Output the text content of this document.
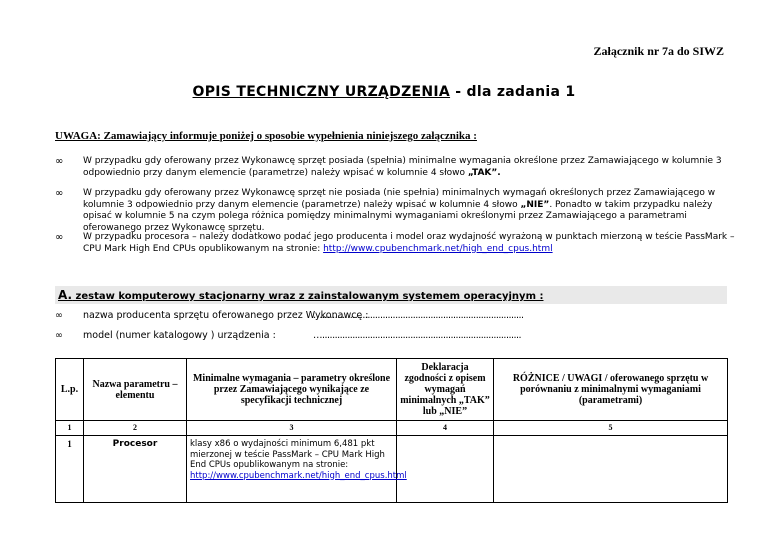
Załącznik nr 7a do SIWZ
OPIS TECHNICZNY URZĄDZENIA - dla zadania 1
UWAGA: Zamawiający informuje poniżej o sposobie wypełnienia niniejszego załącznika :
∞ W przypadku gdy oferowany przez Wykonawcę sprzęt posiada (spełnia) minimalne wymagania określone przez Zamawiającego w kolumnie 3 odpowiednio przy danym elemencie (parametrze) należy wpisać w kolumnie 4 słowo „TAK”.
∞ W przypadku gdy oferowany przez Wykonawcę sprzęt nie posiada (nie spełnia) minimalnych wymagań określonych przez Zamawiającego w kolumnie 3 odpowiednio przy danym elemencie (parametrze) należy wpisać w kolumnie 4 słowo „NIE”. Ponadto w takim przypadku należy opisać w kolumnie 5 na czym polega różnica pomiędzy minimalnymi wymaganiami określonymi przez Zamawiającego a parametrami oferowanego przez Wykonawcę sprzętu.
∞ W przypadku procesora – należy dodatkowo podać jego producenta i model oraz wydajność wyrażoną w punktach mierzoną w teście PassMark – CPU Mark High End CPUs opublikowanym na stronie: http://www.cpubenchmark.net/high_end_cpus.html
A. zestaw komputerowy stacjonarny wraz z zainstalowanym systemem operacyjnym :
∞ nazwa producenta sprzętu oferowanego przez Wykonawcę :
…................................................................................
∞ model (numer katalogowy ) urządzenia :	…...............................................................................
L.p.	Nazwa parametru – elementu	Minimalne wymagania – parametry określone przez Zamawiającego wynikające ze specyfikacji technicznej	Deklaracja zgodności z opisem wymagań minimalnych „TAK” lub „NIE”	RÓŻNICE / UWAGI / oferowanego sprzętu w porównaniu z minimalnymi wymaganiami (parametrami)
1	2	3	4	5
1	Procesor	klasy x86 o wydajności minimum 6,481 pkt mierzonej w teście PassMark – CPU Mark High End CPUs opublikowanym na stronie: http://www.cpubenchmark.net/high_end_cpus.html		
